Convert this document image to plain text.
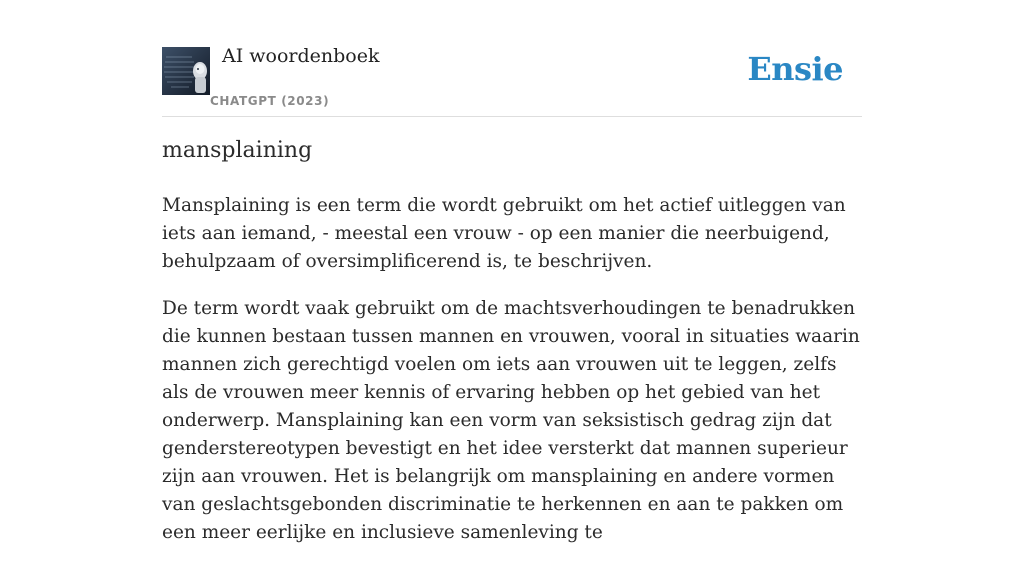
AI woordenboek
CHATGPT (2023)
Ensie
mansplaining

Mansplaining is een term die wordt gebruikt om het actief uitleggen van iets aan iemand, - meestal een vrouw - op een manier die neerbuigend, behulpzaam of oversimplificerend is, te beschrijven.

De term wordt vaak gebruikt om de machtsverhoudingen te benadrukken die kunnen bestaan tussen mannen en vrouwen, vooral in situaties waarin mannen zich gerechtigd voelen om iets aan vrouwen uit te leggen, zelfs als de vrouwen meer kennis of ervaring hebben op het gebied van het onderwerp. Mansplaining kan een vorm van seksistisch gedrag zijn dat genderstereotypen bevestigt en het idee versterkt dat mannen superieur zijn aan vrouwen. Het is belangrijk om mansplaining en andere vormen van geslachtsgebonden discriminatie te herkennen en aan te pakken om een meer eerlijke en inclusieve samenleving te
